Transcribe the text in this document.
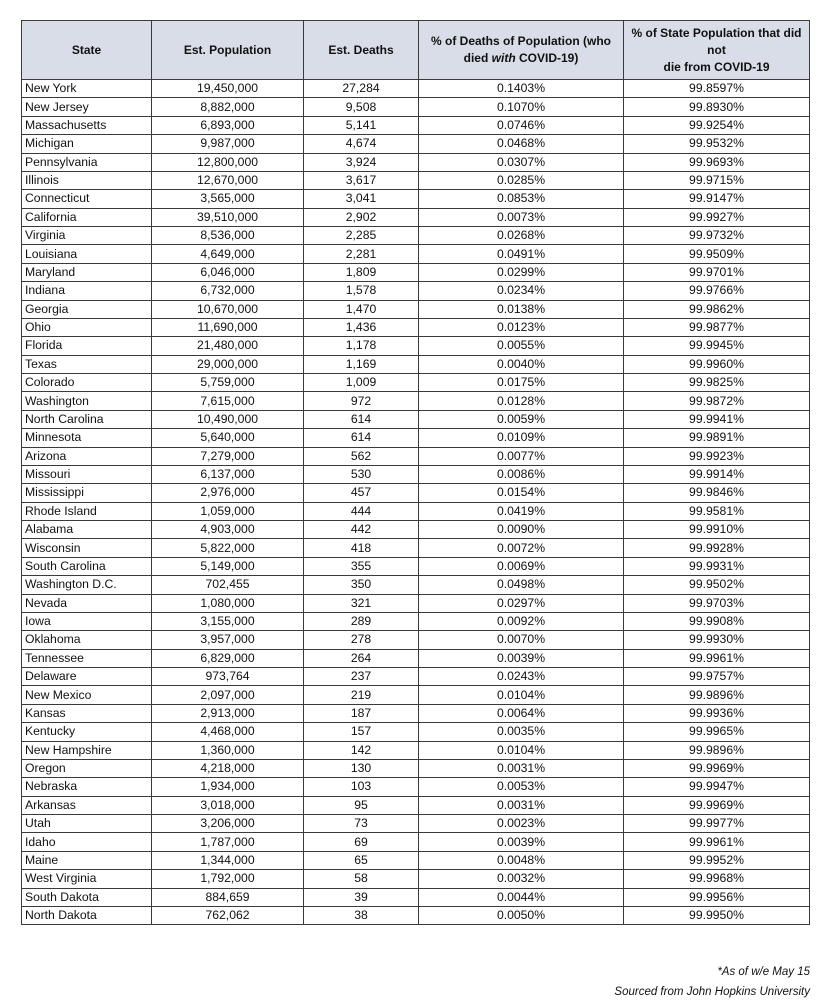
State	Est. Population	Est. Deaths	% of Deaths of Population (who
died with COVID-19)	% of State Population that did not
die from COVID-19
New York	19,450,000	27,284	0.1403%	99.8597%
New Jersey	8,882,000	9,508	0.1070%	99.8930%
Massachusetts	6,893,000	5,141	0.0746%	99.9254%
Michigan	9,987,000	4,674	0.0468%	99.9532%
Pennsylvania	12,800,000	3,924	0.0307%	99.9693%
Illinois	12,670,000	3,617	0.0285%	99.9715%
Connecticut	3,565,000	3,041	0.0853%	99.9147%
California	39,510,000	2,902	0.0073%	99.9927%
Virginia	8,536,000	2,285	0.0268%	99.9732%
Louisiana	4,649,000	2,281	0.0491%	99.9509%
Maryland	6,046,000	1,809	0.0299%	99.9701%
Indiana	6,732,000	1,578	0.0234%	99.9766%
Georgia	10,670,000	1,470	0.0138%	99.9862%
Ohio	11,690,000	1,436	0.0123%	99.9877%
Florida	21,480,000	1,178	0.0055%	99.9945%
Texas	29,000,000	1,169	0.0040%	99.9960%
Colorado	5,759,000	1,009	0.0175%	99.9825%
Washington	7,615,000	972	0.0128%	99.9872%
North Carolina	10,490,000	614	0.0059%	99.9941%
Minnesota	5,640,000	614	0.0109%	99.9891%
Arizona	7,279,000	562	0.0077%	99.9923%
Missouri	6,137,000	530	0.0086%	99.9914%
Mississippi	2,976,000	457	0.0154%	99.9846%
Rhode Island	1,059,000	444	0.0419%	99.9581%
Alabama	4,903,000	442	0.0090%	99.9910%
Wisconsin	5,822,000	418	0.0072%	99.9928%
South Carolina	5,149,000	355	0.0069%	99.9931%
Washington D.C.	702,455	350	0.0498%	99.9502%
Nevada	1,080,000	321	0.0297%	99.9703%
Iowa	3,155,000	289	0.0092%	99.9908%
Oklahoma	3,957,000	278	0.0070%	99.9930%
Tennessee	6,829,000	264	0.0039%	99.9961%
Delaware	973,764	237	0.0243%	99.9757%
New Mexico	2,097,000	219	0.0104%	99.9896%
Kansas	2,913,000	187	0.0064%	99.9936%
Kentucky	4,468,000	157	0.0035%	99.9965%
New Hampshire	1,360,000	142	0.0104%	99.9896%
Oregon	4,218,000	130	0.0031%	99.9969%
Nebraska	1,934,000	103	0.0053%	99.9947%
Arkansas	3,018,000	95	0.0031%	99.9969%
Utah	3,206,000	73	0.0023%	99.9977%
Idaho	1,787,000	69	0.0039%	99.9961%
Maine	1,344,000	65	0.0048%	99.9952%
West Virginia	1,792,000	58	0.0032%	99.9968%
South Dakota	884,659	39	0.0044%	99.9956%
North Dakota	762,062	38	0.0050%	99.9950%
*As of w/e May 15
Sourced from John Hopkins University
